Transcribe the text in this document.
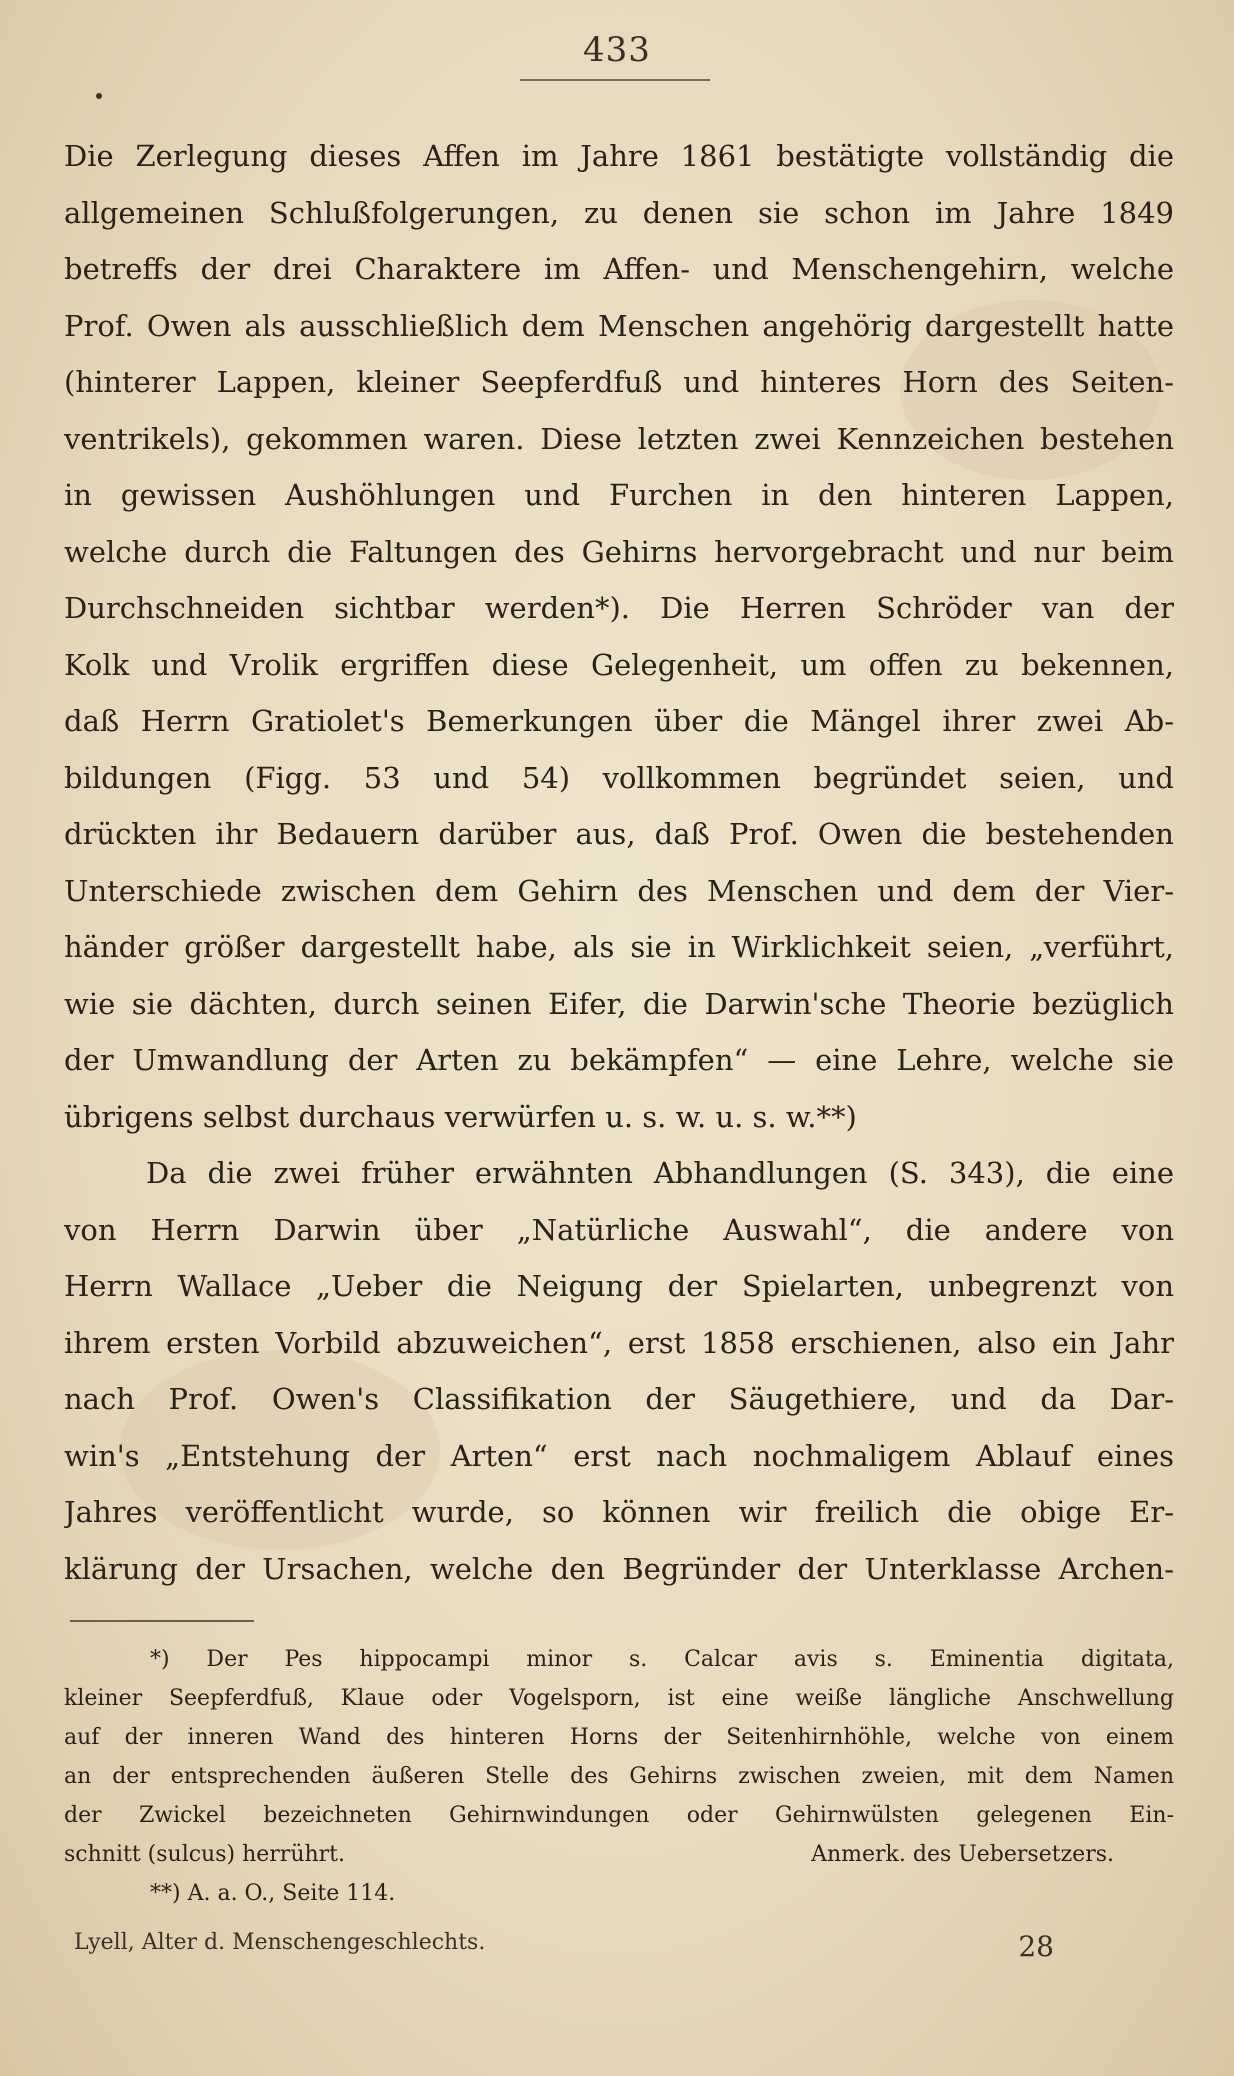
433
Die Zerlegung dieses Affen im Jahre 1861 bestätigte vollständig die
allgemeinen Schlußfolgerungen, zu denen sie schon im Jahre 1849
betreffs der drei Charaktere im Affen- und Menschengehirn, welche
Prof. Owen als ausschließlich dem Menschen angehörig dargestellt hatte
(hinterer Lappen, kleiner Seepferdfuß und hinteres Horn des Seiten-
ventrikels), gekommen waren. Diese letzten zwei Kennzeichen bestehen
in gewissen Aushöhlungen und Furchen in den hinteren Lappen,
welche durch die Faltungen des Gehirns hervorgebracht und nur beim
Durchschneiden sichtbar werden*). Die Herren Schröder van der
Kolk und Vrolik ergriffen diese Gelegenheit, um offen zu bekennen,
daß Herrn Gratiolet's Bemerkungen über die Mängel ihrer zwei Ab-
bildungen (Figg. 53 und 54) vollkommen begründet seien, und
drückten ihr Bedauern darüber aus, daß Prof. Owen die bestehenden
Unterschiede zwischen dem Gehirn des Menschen und dem der Vier-
händer größer dargestellt habe, als sie in Wirklichkeit seien, „verführt,
wie sie dächten, durch seinen Eifer, die Darwin'sche Theorie bezüglich
der Umwandlung der Arten zu bekämpfen“ — eine Lehre, welche sie
übrigens selbst durchaus verwürfen u. s. w. u. s. w.**)
Da die zwei früher erwähnten Abhandlungen (S. 343), die eine
von Herrn Darwin über „Natürliche Auswahl“, die andere von
Herrn Wallace „Ueber die Neigung der Spielarten, unbegrenzt von
ihrem ersten Vorbild abzuweichen“, erst 1858 erschienen, also ein Jahr
nach Prof. Owen's Classifikation der Säugethiere, und da Dar-
win's „Entstehung der Arten“ erst nach nochmaligem Ablauf eines
Jahres veröffentlicht wurde, so können wir freilich die obige Er-
klärung der Ursachen, welche den Begründer der Unterklasse Archen-
*) Der Pes hippocampi minor s. Calcar avis s. Eminentia digitata,
kleiner Seepferdfuß, Klaue oder Vogelsporn, ist eine weiße längliche Anschwellung
auf der inneren Wand des hinteren Horns der Seitenhirnhöhle, welche von einem
an der entsprechenden äußeren Stelle des Gehirns zwischen zweien, mit dem Namen
der Zwickel bezeichneten Gehirnwindungen oder Gehirnwülsten gelegenen Ein-
schnitt (sulcus) herrührt.	Anmerk. des Uebersetzers.
**) A. a. O., Seite 114.
Lyell, Alter d. Menschengeschlechts.	28
